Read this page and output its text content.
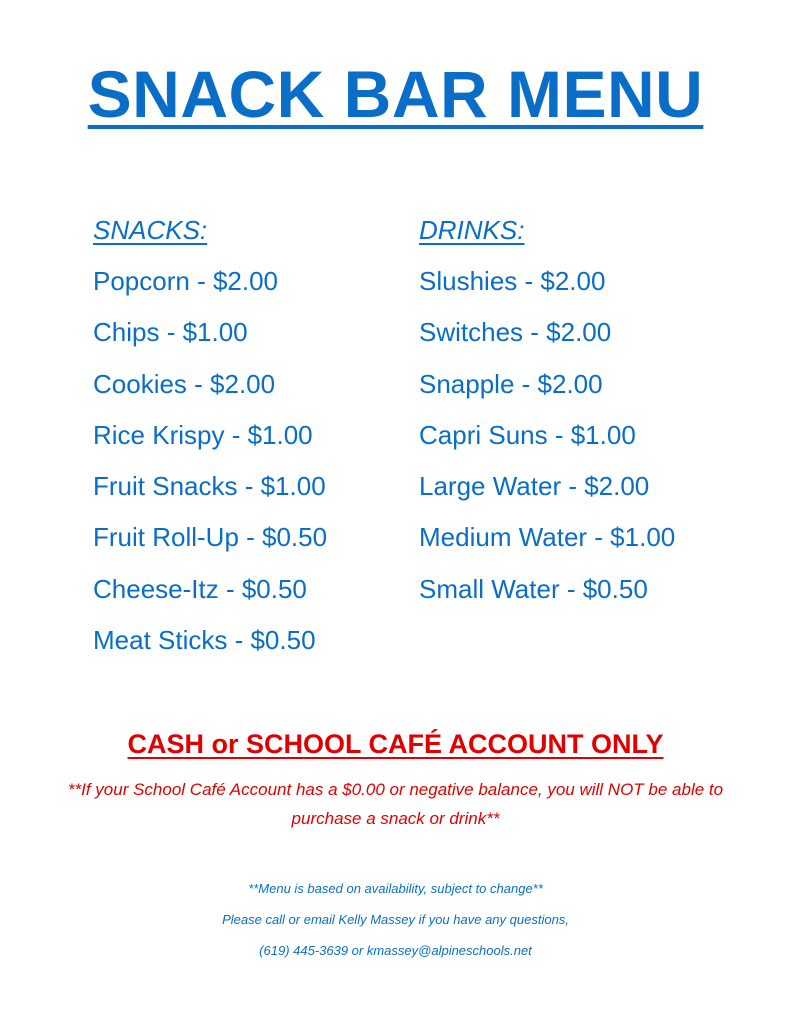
SNACK BAR MENU
SNACKS:
Popcorn - $2.00
Chips - $1.00
Cookies - $2.00
Rice Krispy - $1.00
Fruit Snacks - $1.00
Fruit Roll-Up - $0.50
Cheese-Itz - $0.50
Meat Sticks - $0.50
DRINKS:
Slushies - $2.00
Switches - $2.00
Snapple - $2.00
Capri Suns - $1.00
Large Water - $2.00
Medium Water - $1.00
Small Water - $0.50
CASH or SCHOOL CAFÉ ACCOUNT ONLY
**If your School Café Account has a $0.00 or negative balance, you will NOT be able to purchase a snack or drink**
**Menu is based on availability, subject to change**
Please call or email Kelly Massey if you have any questions,
(619) 445-3639 or kmassey@alpineschools.net
